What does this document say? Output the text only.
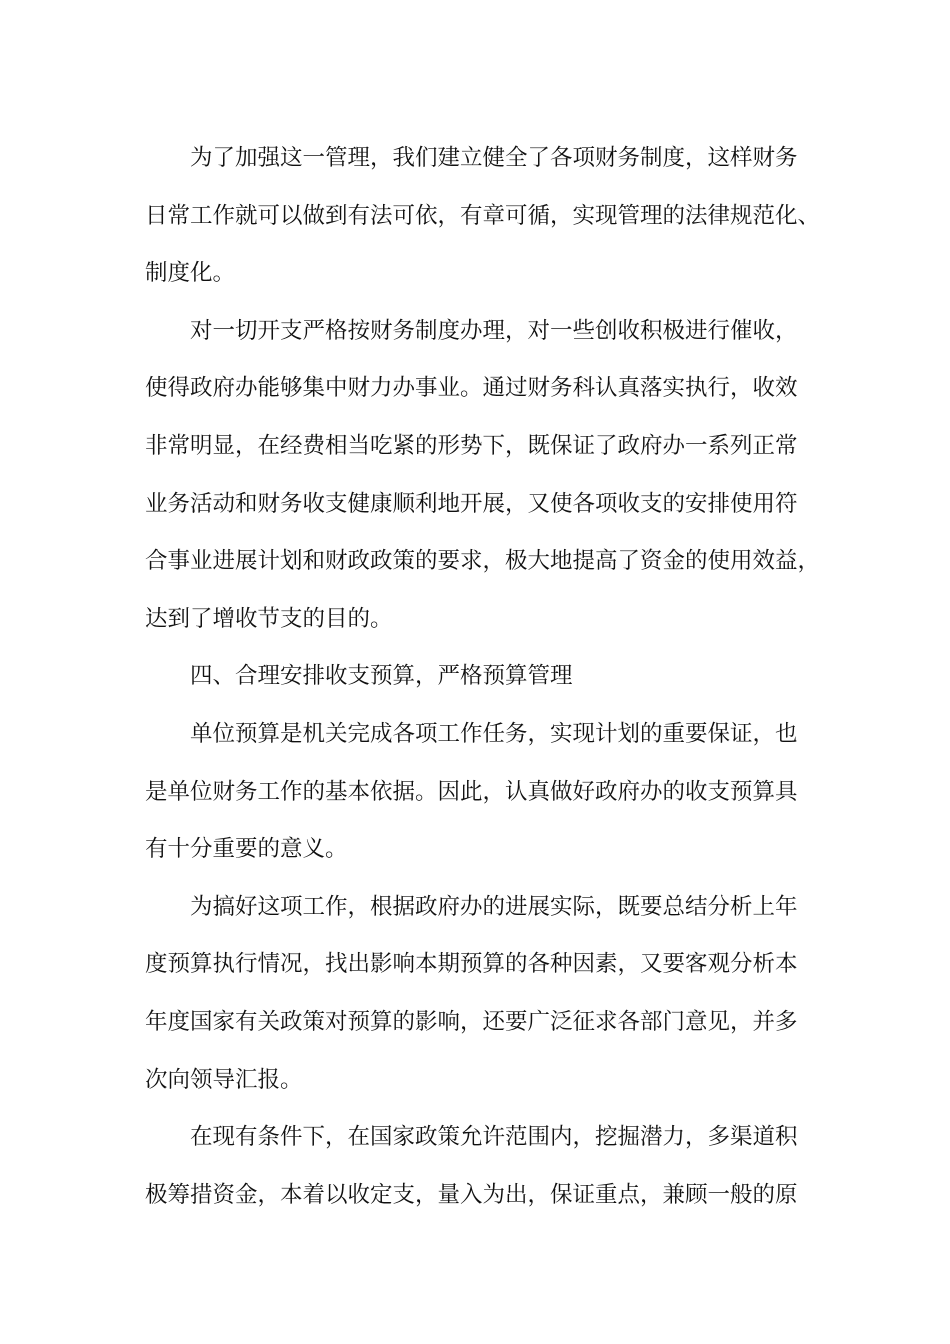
为了加强这一管理，我们建立健全了各项财务制度，这样财务
日常工作就可以做到有法可依，有章可循，实现管理的法律规范化、
制度化。

对一切开支严格按财务制度办理，对一些创收积极进行催收，
使得政府办能够集中财力办事业。通过财务科认真落实执行，收效
非常明显，在经费相当吃紧的形势下，既保证了政府办一系列正常
业务活动和财务收支健康顺利地开展，又使各项收支的安排使用符
合事业进展计划和财政政策的要求，极大地提高了资金的使用效益，
达到了增收节支的目的。

四、合理安排收支预算，严格预算管理

单位预算是机关完成各项工作任务，实现计划的重要保证，也
是单位财务工作的基本依据。因此，认真做好政府办的收支预算具
有十分重要的意义。

为搞好这项工作，根据政府办的进展实际，既要总结分析上年
度预算执行情况，找出影响本期预算的各种因素，又要客观分析本
年度国家有关政策对预算的影响，还要广泛征求各部门意见，并多
次向领导汇报。

在现有条件下，在国家政策允许范围内，挖掘潜力，多渠道积
极筹措资金，本着以收定支，量入为出，保证重点，兼顾一般的原
